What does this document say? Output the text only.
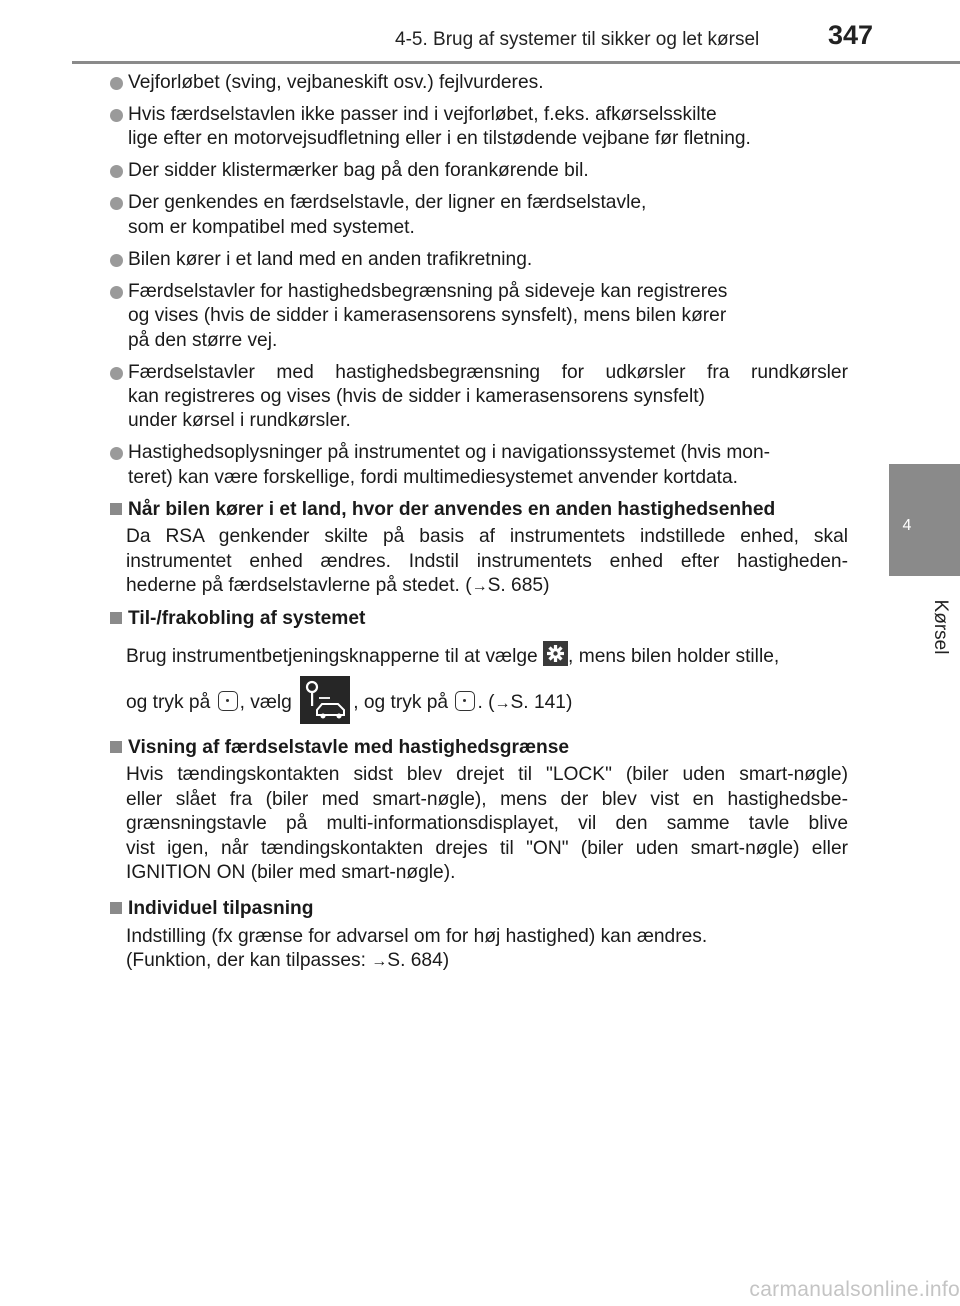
4-5. Brug af systemer til sikker og let kørsel	347
4
Kørsel

Vejforløbet (sving, vejbaneskift osv.) fejlvurderes.

Hvis færdselstavlen ikke passer ind i vejforløbet, f.eks. afkørselsskilte
lige efter en motorvejsudfletning eller i en tilstødende vejbane før fletning.

Der sidder klistermærker bag på den forankørende bil.

Der genkendes en færdselstavle, der ligner en færdselstavle,
som er kompatibel med systemet.

Bilen kører i et land med en anden trafikretning.

Færdselstavler for hastighedsbegrænsning på sideveje kan registreres
og vises (hvis de sidder i kamerasensorens synsfelt), mens bilen kører
på den større vej.

Færdselstavler med hastighedsbegrænsning for udkørsler fra rundkørsler
kan registreres og vises (hvis de sidder i kamerasensorens synsfelt)
under kørsel i rundkørsler.

Hastighedsoplysninger på instrumentet og i navigationssystemet (hvis mon-
teret) kan være forskellige, fordi multimediesystemet anvender kortdata.

Når bilen kører i et land, hvor der anvendes en anden hastighedsenhed

Da RSA genkender skilte på basis af instrumentets indstillede enhed, skal
instrumentet enhed ændres. Indstil instrumentets enhed efter hastigheden-
hederne på færdselstavlerne på stedet. (→S. 685)

Til-/frakobling af systemet

Brug instrumentbetjeningsknapperne til at vælge
, mens bilen holder stille,
og tryk på , vælg	, og tryk på . (→S. 141)

Visning af færdselstavle med hastighedsgrænse

Hvis tændingskontakten sidst blev drejet til "LOCK" (biler uden smart-nøgle)
eller slået fra (biler med smart-nøgle), mens der blev vist en hastighedsbe-
grænsningstavle på multi-informationsdisplayet, vil den samme tavle blive
vist igen, når tændingskontakten drejes til "ON" (biler uden smart-nøgle) eller
IGNITION ON (biler med smart-nøgle).

Individuel tilpasning

Indstilling (fx grænse for advarsel om for høj hastighed) kan ændres.
(Funktion, der kan tilpasses: →S. 684)

carmanualsonline.info
